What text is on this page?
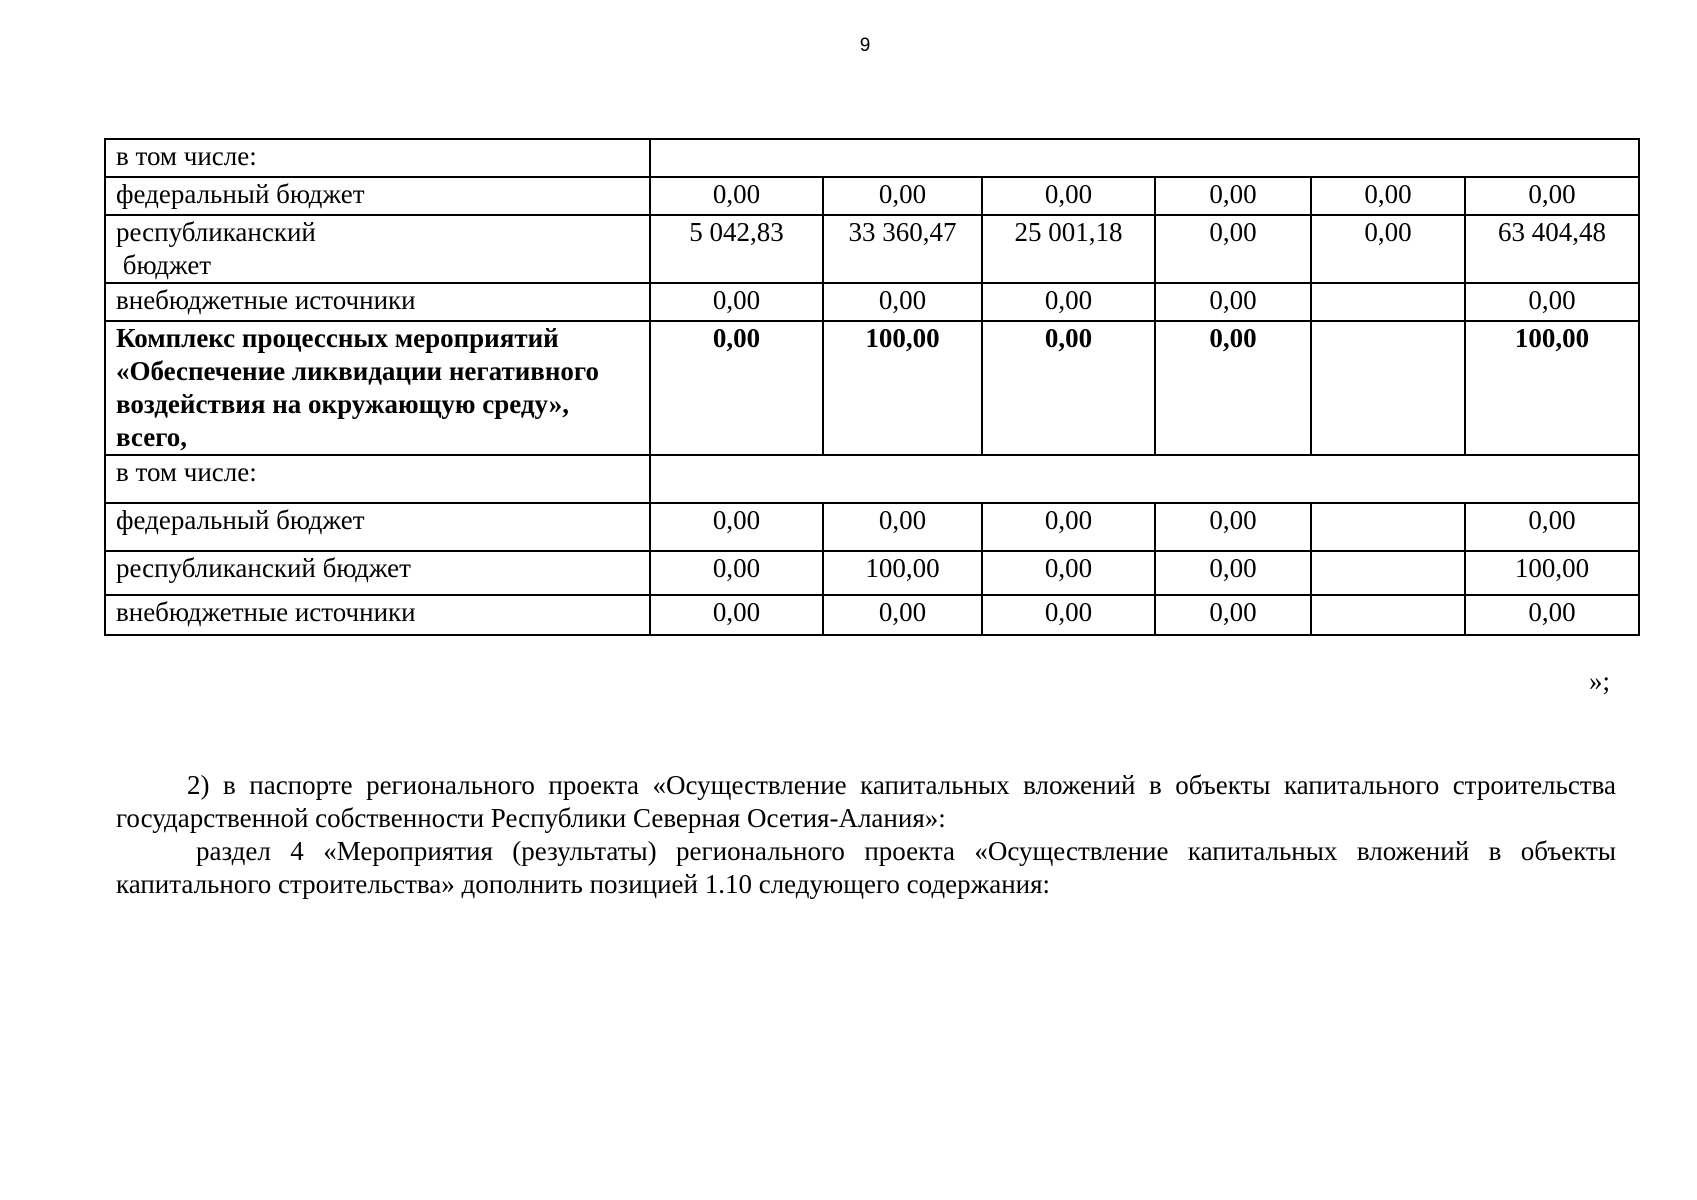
9
в том числе:						
федеральный бюджет	0,00	0,00	0,00	0,00	0,00	0,00

республиканский
бюджет	5 042,83	33 360,47	25 001,18	0,00	0,00	63 404,48
внебюджетные источники	0,00	0,00	0,00	0,00		0,00

Комплекс процессных мероприятий
«Обеспечение ликвидации негативного
воздействия на окружающую среду»,
всего,	0,00	100,00	0,00	0,00		100,00
в том числе:						
федеральный бюджет	0,00	0,00	0,00	0,00		0,00
республиканский бюджет	0,00	100,00	0,00	0,00		100,00
внебюджетные источники	0,00	0,00	0,00	0,00		0,00
»;

2) в паспорте регионального проекта «Осуществление капитальных вложений в объекты капитального строительства государственной собственности Республики Северная Осетия-Алания»:

раздел 4 «Мероприятия (результаты) регионального проекта «Осуществление капитальных вложений в объекты капитального строительства» дополнить позицией 1.10 следующего содержания:
